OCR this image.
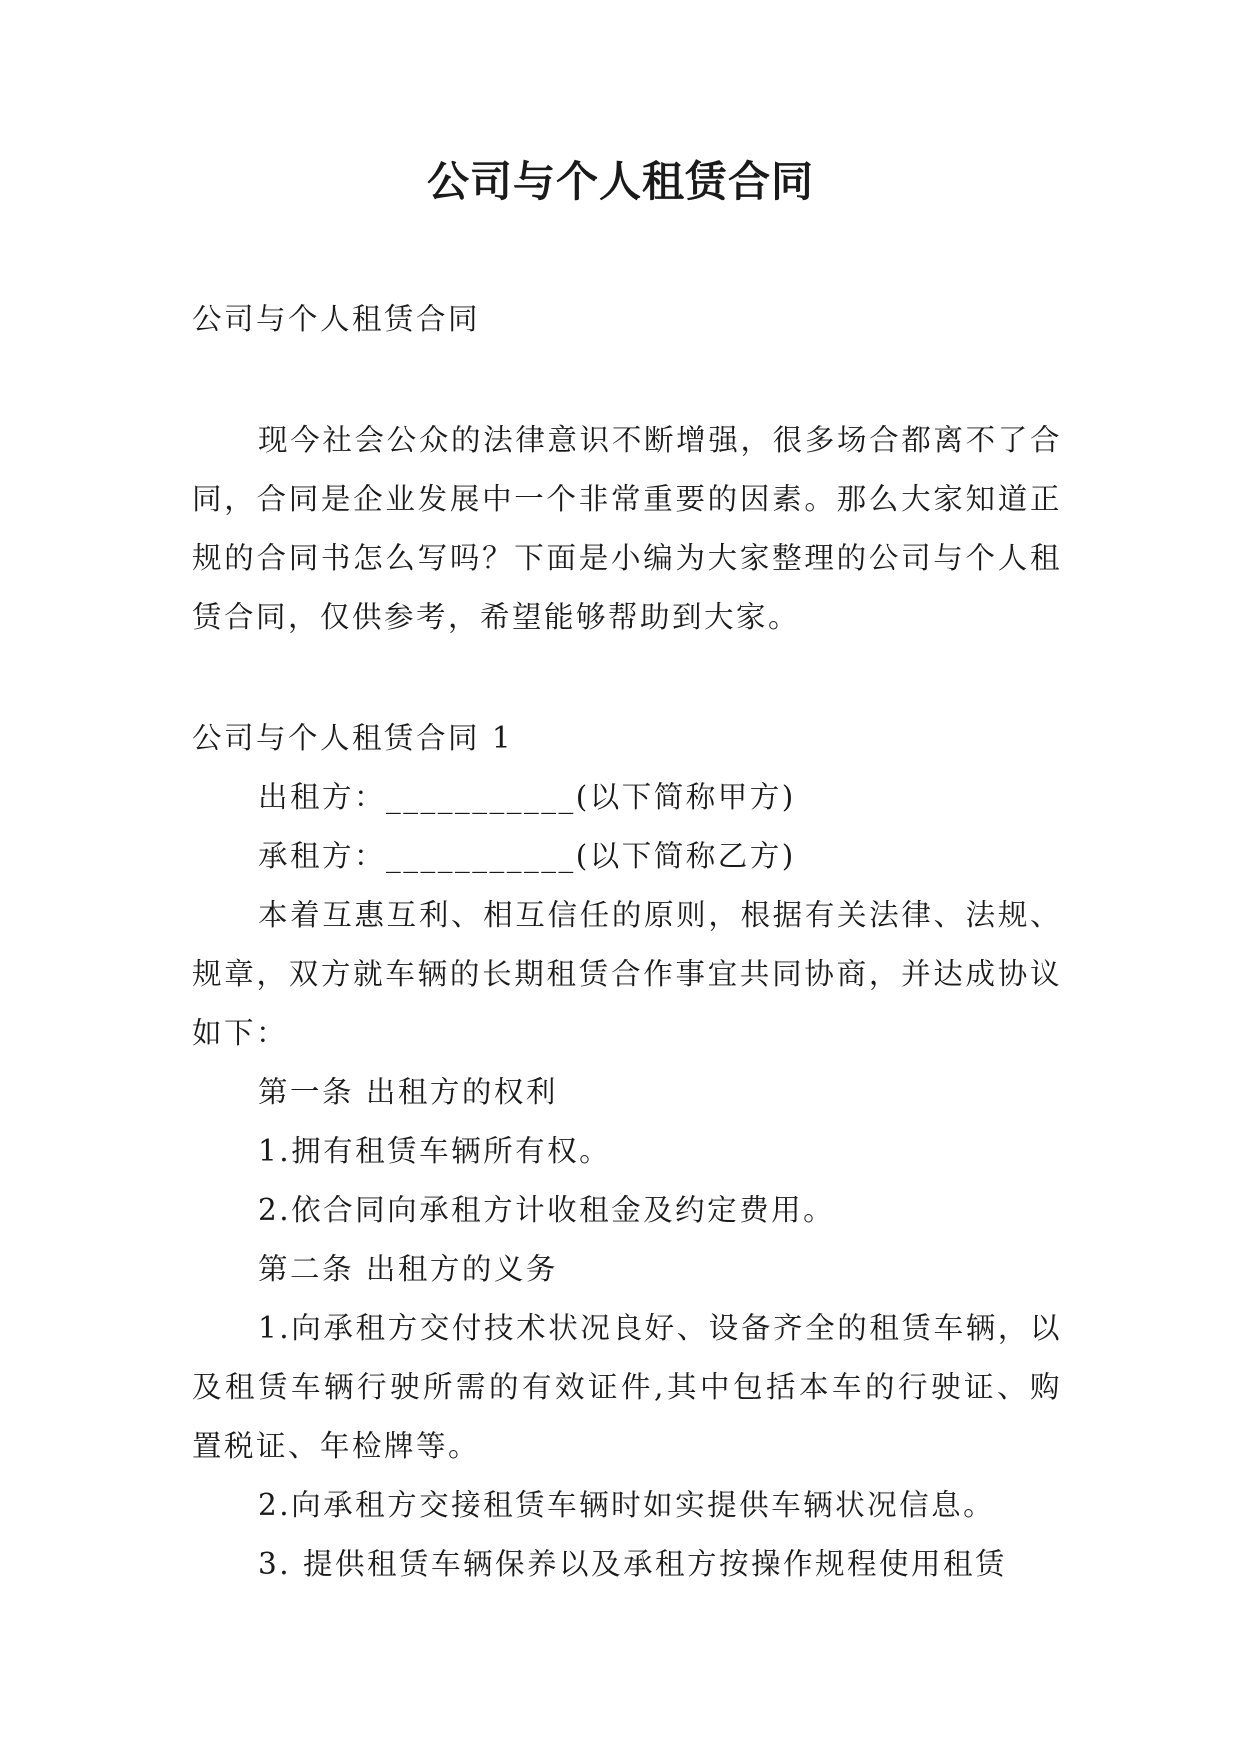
公司与个人租赁合同

公司与个人租赁合同

现今社会公众的法律意识不断增强，很多场合都离不了合同，合同是企业发展中一个非常重要的因素。那么大家知道正规的合同书怎么写吗？下面是小编为大家整理的公司与个人租赁合同，仅供参考，希望能够帮助到大家。

公司与个人租赁合同 1

出租方：___________(以下简称甲方)

承租方：___________(以下简称乙方)

本着互惠互利、相互信任的原则，根据有关法律、法规、规章，双方就车辆的长期租赁合作事宜共同协商，并达成协议如下：

第一条 出租方的权利

1.拥有租赁车辆所有权。

2.依合同向承租方计收租金及约定费用。

第二条 出租方的义务

1.向承租方交付技术状况良好、设备齐全的租赁车辆，以及租赁车辆行驶所需的有效证件,其中包括本车的行驶证、购置税证、年检牌等。

2.向承租方交接租赁车辆时如实提供车辆状况信息。

3. 提供租赁车辆保养以及承租方按操作规程使用租赁
